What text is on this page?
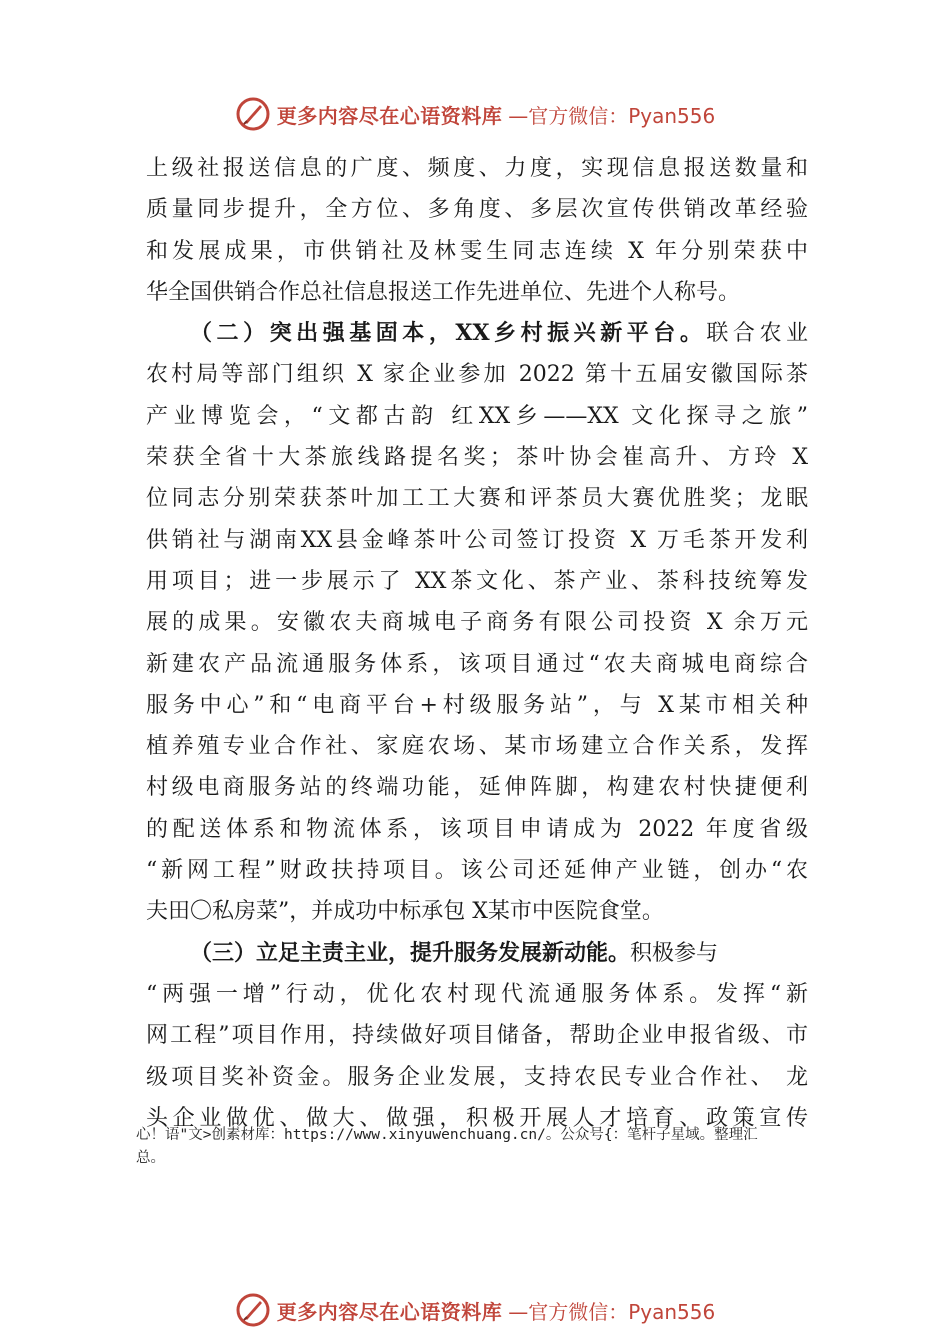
更多内容尽在心语资料库 —官方微信：Pyan556
上级社报送信息的广度、频度、力度，实现信息报送数量和
质量同步提升，全方位、多角度、多层次宣传供销改革经验
和发展成果，市供销社及林雯生同志连续 X 年分别荣获中
华全国供销合作总社信息报送工作先进单位、先进个人称号。
（二）突出强基固本，XX乡村振兴新平台。联合农业
农村局等部门组织 X 家企业参加 2022 第十五届安徽国际茶
产业博览会，“文都古韵 红XX乡——XX 文化探寻之旅”
荣获全省十大茶旅线路提名奖；茶叶协会崔高升、方玲 X
位同志分别荣获茶叶加工工大赛和评茶员大赛优胜奖；龙眠
供销社与湖南XX县金峰茶叶公司签订投资 X 万毛茶开发利
用项目；进一步展示了 XX茶文化、茶产业、茶科技统筹发
展的成果。安徽农夫商城电子商务有限公司投资 X 余万元
新建农产品流通服务体系，该项目通过“农夫商城电商综合
服务中心”和“电商平台+村级服务站”，与 X某市相关种
植养殖专业合作社、家庭农场、某市场建立合作关系，发挥
村级电商服务站的终端功能，延伸阵脚，构建农村快捷便利
的配送体系和物流体系，该项目申请成为 2022 年度省级
“新网工程”财政扶持项目。该公司还延伸产业链，创办“农
夫田〇私房菜”，并成功中标承包 X某市中医院食堂。
（三）立足主责主业，提升服务发展新动能。积极参与
“两强一增”行动，优化农村现代流通服务体系。发挥“新
网工程”项目作用，持续做好项目储备，帮助企业申报省级、市
级项目奖补资金。服务企业发展，支持农民专业合作社、 龙
头企业做优、做大、做强，积极开展人才培育、政策宣传
心！语"文>创素材库：https://www.xinyuwenchuang.cn/。公众号{：笔杆子星域。整理汇
总。
更多内容尽在心语资料库 —官方微信：Pyan556
